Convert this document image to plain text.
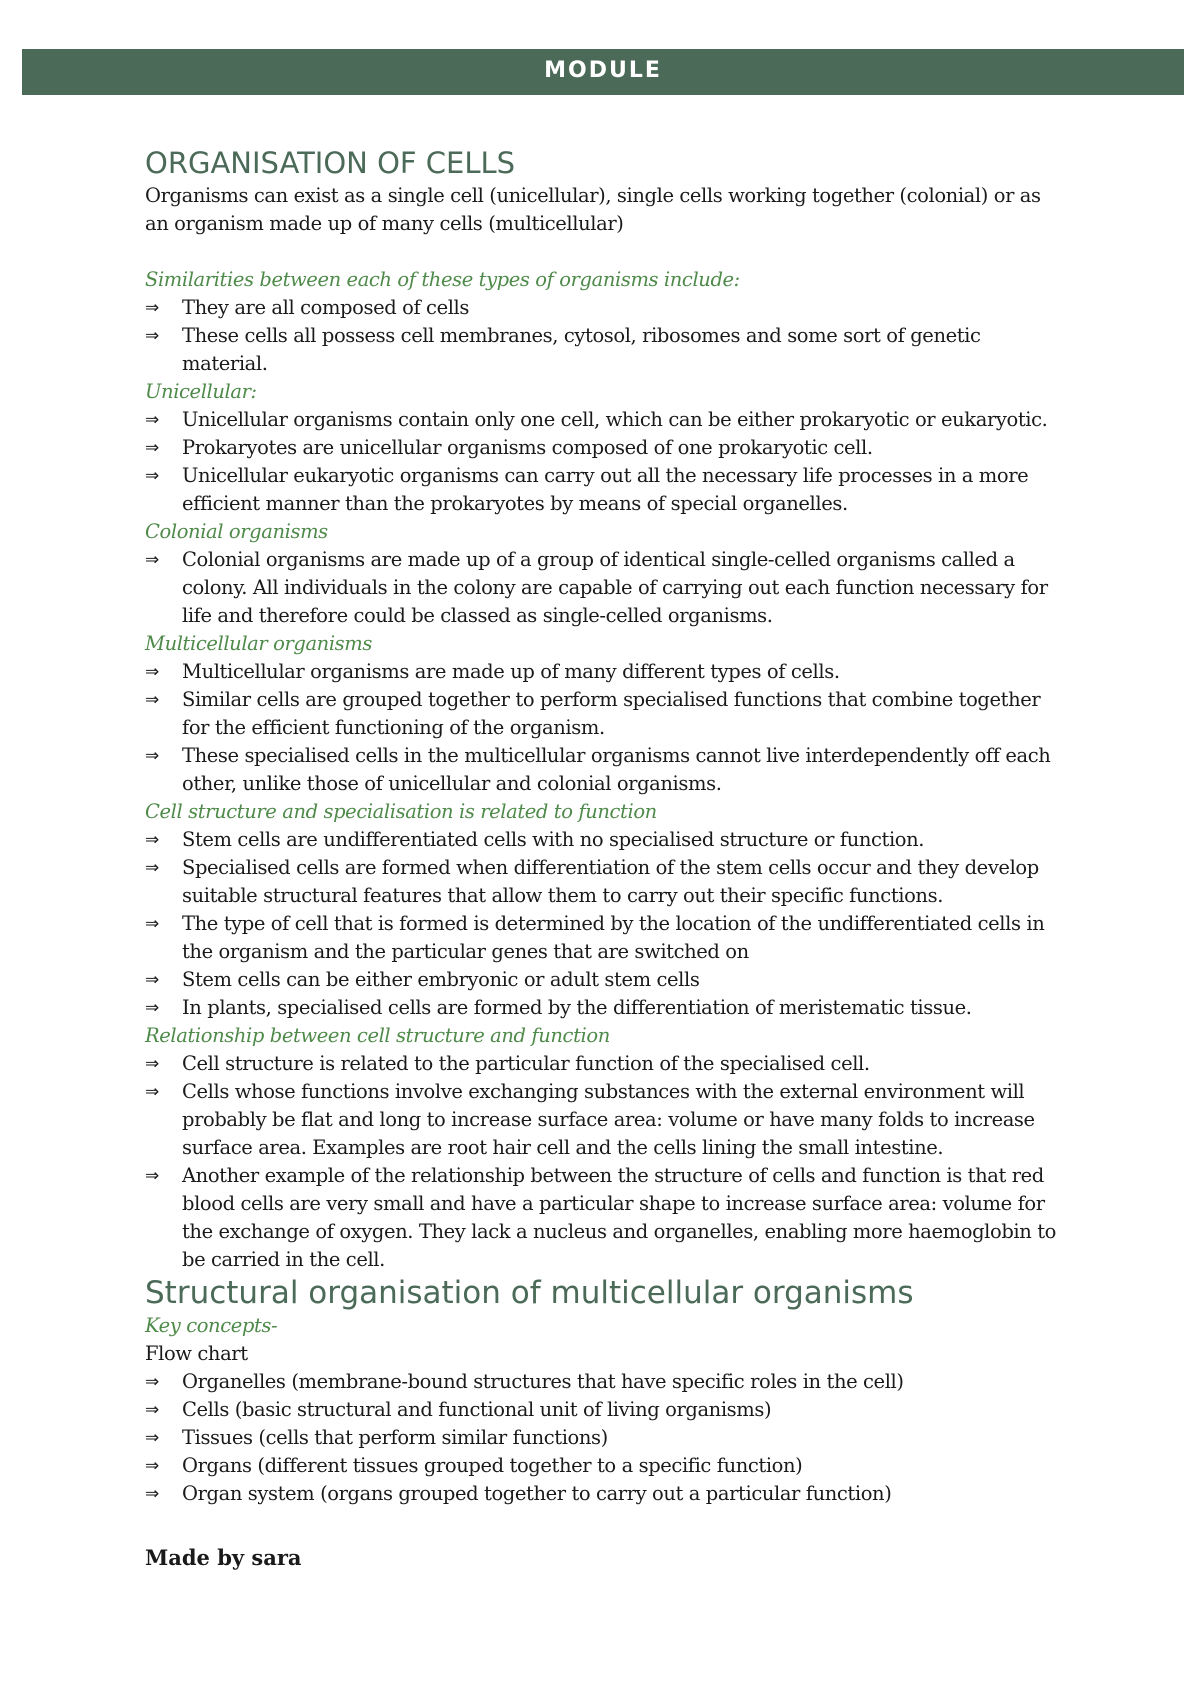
MODULE
ORGANISATION OF CELLS

Organisms can exist as a single cell (unicellular), single cells working together (colonial) or as an organism made up of many cells (multicellular)

Similarities between each of these types of organisms include:

⇒ They are all composed of cells
⇒ These cells all possess cell membranes, cytosol, ribosomes and some sort of genetic material.

Unicellular:

⇒ Unicellular organisms contain only one cell, which can be either prokaryotic or eukaryotic.
⇒ Prokaryotes are unicellular organisms composed of one prokaryotic cell.
⇒ Unicellular eukaryotic organisms can carry out all the necessary life processes in a more efficient manner than the prokaryotes by means of special organelles.

Colonial organisms

⇒ Colonial organisms are made up of a group of identical single-celled organisms called a colony. All individuals in the colony are capable of carrying out each function necessary for life and therefore could be classed as single-celled organisms.

Multicellular organisms

⇒ Multicellular organisms are made up of many different types of cells.
⇒ Similar cells are grouped together to perform specialised functions that combine together for the efficient functioning of the organism.
⇒ These specialised cells in the multicellular organisms cannot live interdependently off each other, unlike those of unicellular and colonial organisms.

Cell structure and specialisation is related to function

⇒ Stem cells are undifferentiated cells with no specialised structure or function.
⇒ Specialised cells are formed when differentiation of the stem cells occur and they develop suitable structural features that allow them to carry out their specific functions.
⇒ The type of cell that is formed is determined by the location of the undifferentiated cells in the organism and the particular genes that are switched on
⇒ Stem cells can be either embryonic or adult stem cells
⇒ In plants, specialised cells are formed by the differentiation of meristematic tissue.

Relationship between cell structure and function

⇒ Cell structure is related to the particular function of the specialised cell.
⇒ Cells whose functions involve exchanging substances with the external environment will probably be flat and long to increase surface area: volume or have many folds to increase surface area. Examples are root hair cell and the cells lining the small intestine.
⇒ Another example of the relationship between the structure of cells and function is that red blood cells are very small and have a particular shape to increase surface area: volume for the exchange of oxygen. They lack a nucleus and organelles, enabling more haemoglobin to be carried in the cell.
Structural organisation of multicellular organisms

Key concepts-

Flow chart

⇒ Organelles (membrane-bound structures that have specific roles in the cell)
⇒ Cells (basic structural and functional unit of living organisms)
⇒ Tissues (cells that perform similar functions)
⇒ Organs (different tissues grouped together to a specific function)
⇒ Organ system (organs grouped together to carry out a particular function)

Made by sara
